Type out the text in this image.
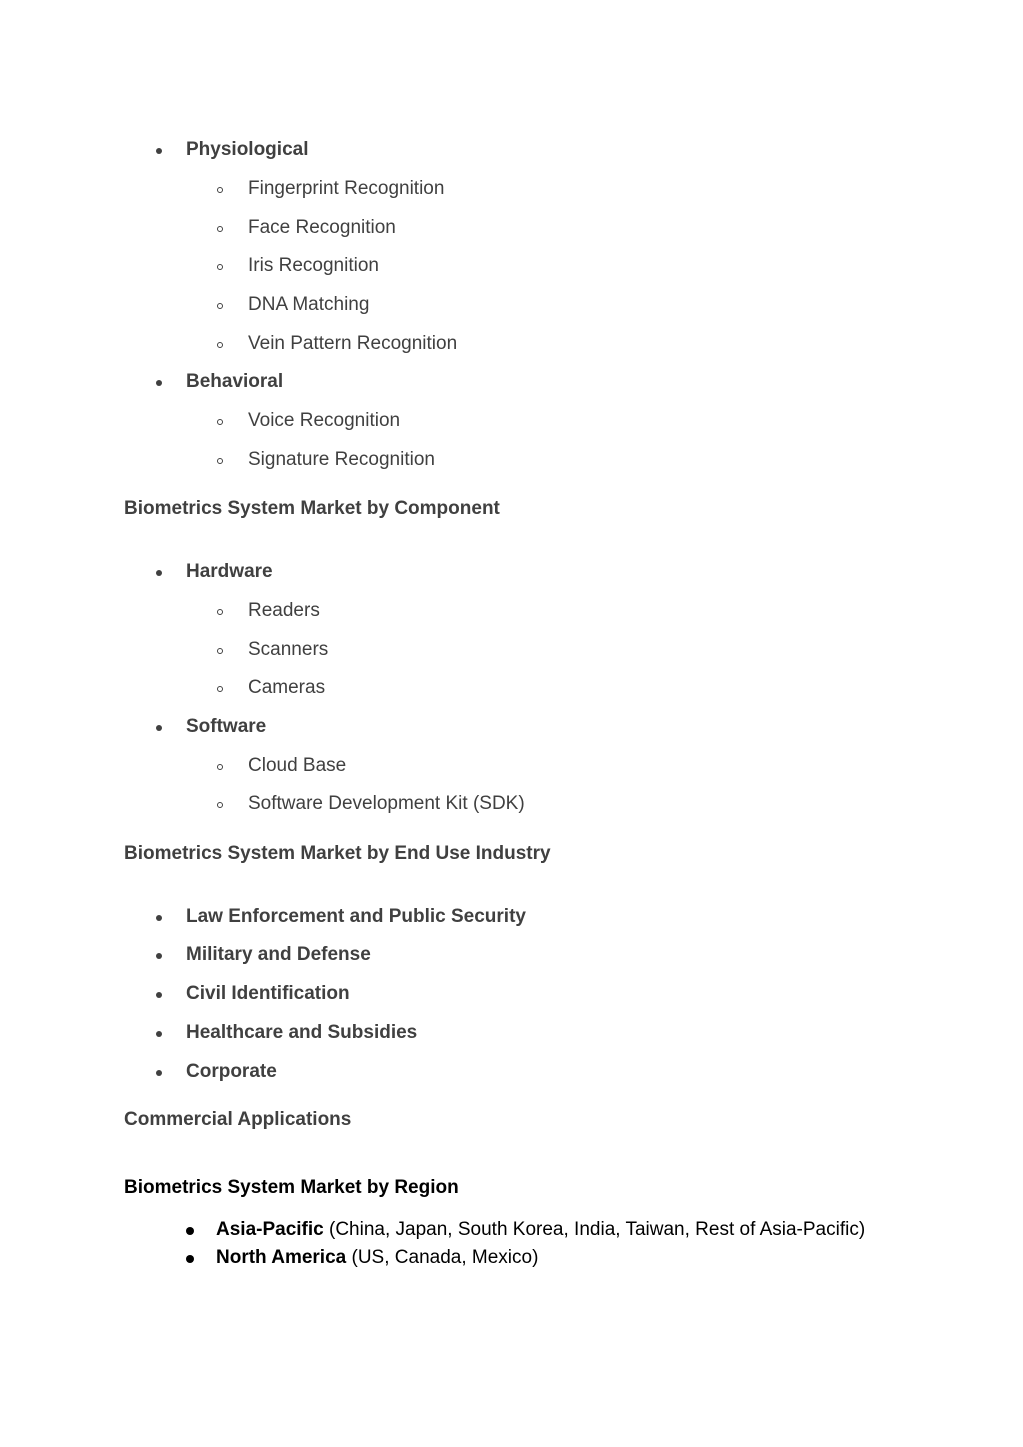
Physiological
Fingerprint Recognition
Face Recognition
Iris Recognition
DNA Matching
Vein Pattern Recognition
Behavioral
Voice Recognition
Signature Recognition
Biometrics System Market by Component
Hardware
Readers
Scanners
Cameras
Software
Cloud Base
Software Development Kit (SDK)
Biometrics System Market by End Use Industry
Law Enforcement and Public Security
Military and Defense
Civil Identification
Healthcare and Subsidies
Corporate
Commercial Applications
Biometrics System Market by Region
Asia-Pacific (China, Japan, South Korea, India, Taiwan, Rest of Asia-Pacific)
North America (US, Canada, Mexico)
